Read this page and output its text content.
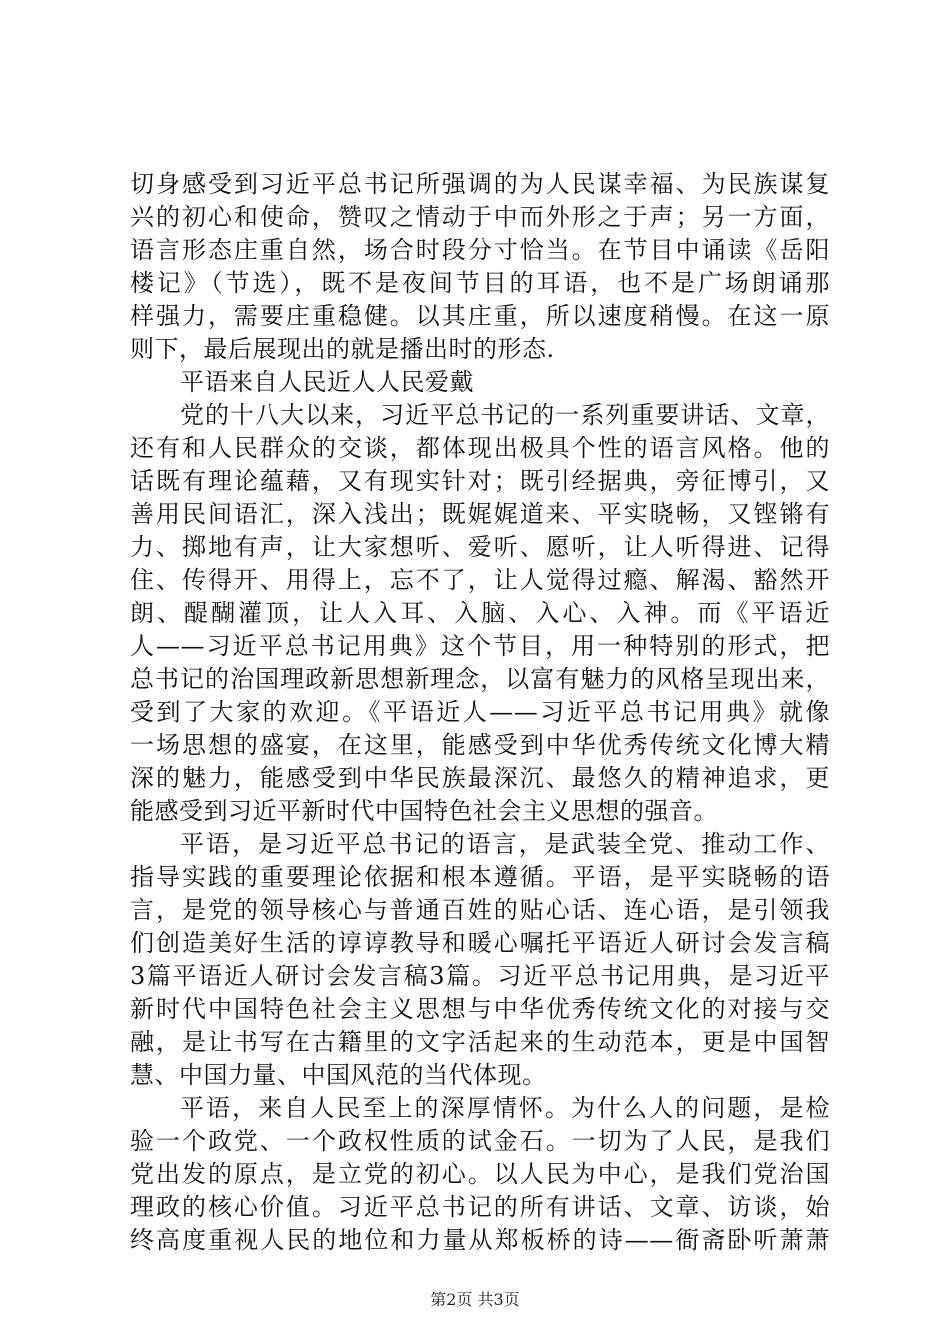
切身感受到习近平总书记所强调的为人民谋幸福、为民族谋复
兴的初心和使命，赞叹之情动于中而外形之于声；另一方面，
语言形态庄重自然，场合时段分寸恰当。在节目中诵读《岳阳
楼记》（节选），既不是夜间节目的耳语，也不是广场朗诵那
样强力，需要庄重稳健。以其庄重，所以速度稍慢。在这一原
则下，最后展现出的就是播出时的形态.
平语来自人民近人人民爱戴
党的十八大以来，习近平总书记的一系列重要讲话、文章，
还有和人民群众的交谈，都体现出极具个性的语言风格。他的
话既有理论蕴藉，又有现实针对；既引经据典，旁征博引，又
善用民间语汇，深入浅出；既娓娓道来、平实晓畅，又铿锵有
力、掷地有声，让大家想听、爱听、愿听，让人听得进、记得
住、传得开、用得上，忘不了，让人觉得过瘾、解渴、豁然开
朗、醍醐灌顶，让人入耳、入脑、入心、入神。而《平语近
人——习近平总书记用典》这个节目，用一种特别的形式，把
总书记的治国理政新思想新理念，以富有魅力的风格呈现出来，
受到了大家的欢迎。《平语近人——习近平总书记用典》就像
一场思想的盛宴，在这里，能感受到中华优秀传统文化博大精
深的魅力，能感受到中华民族最深沉、最悠久的精神追求，更
能感受到习近平新时代中国特色社会主义思想的强音。
平语，是习近平总书记的语言，是武装全党、推动工作、
指导实践的重要理论依据和根本遵循。平语，是平实晓畅的语
言，是党的领导核心与普通百姓的贴心话、连心语，是引领我
们创造美好生活的谆谆教导和暖心嘱托平语近人研讨会发言稿
3篇平语近人研讨会发言稿3篇。习近平总书记用典，是习近平
新时代中国特色社会主义思想与中华优秀传统文化的对接与交
融，是让书写在古籍里的文字活起来的生动范本，更是中国智
慧、中国力量、中国风范的当代体现。
平语，来自人民至上的深厚情怀。为什么人的问题，是检
验一个政党、一个政权性质的试金石。一切为了人民，是我们
党出发的原点，是立党的初心。以人民为中心，是我们党治国
理政的核心价值。习近平总书记的所有讲话、文章、访谈，始
终高度重视人民的地位和力量从郑板桥的诗——衙斋卧听萧萧
第2页 共3页
